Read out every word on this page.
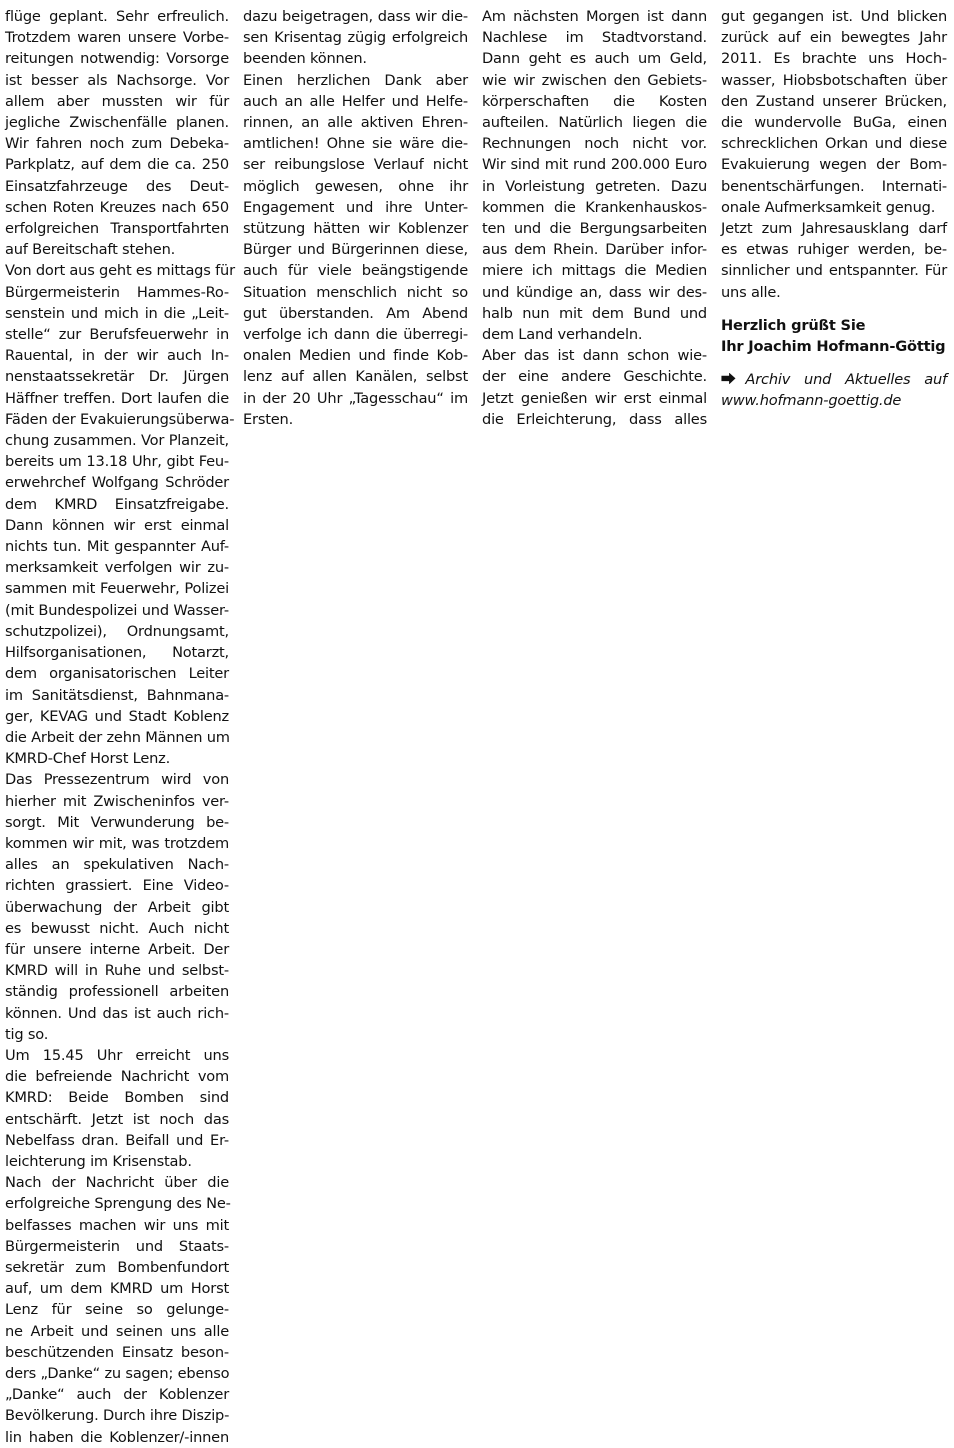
flüge geplant. Sehr erfreulich.
Trotzdem waren unsere Vorbe-
reitungen notwendig: Vorsorge
ist besser als Nachsorge. Vor
allem aber mussten wir für
jegliche Zwischenfälle planen.
Wir fahren noch zum Debeka-
Parkplatz, auf dem die ca. 250
Einsatzfahrzeuge des Deut-
schen Roten Kreuzes nach 650
erfolgreichen Transportfahrten
auf Bereitschaft stehen.
Von dort aus geht es mittags für
Bürgermeisterin Hammes-Ro-
senstein und mich in die „Leit-
stelle“ zur Berufsfeuerwehr in
Rauental, in der wir auch In-
nenstaatssekretär Dr. Jürgen
Häffner treffen. Dort laufen die
Fäden der Evakuierungsüberwa-
chung zusammen. Vor Planzeit,
bereits um 13.18 Uhr, gibt Feu-
erwehrchef Wolfgang Schröder
dem KMRD Einsatzfreigabe.
Dann können wir erst einmal
nichts tun. Mit gespannter Auf-
merksamkeit verfolgen wir zu-
sammen mit Feuerwehr, Polizei
(mit Bundespolizei und Wasser-
schutzpolizei), Ordnungsamt,
Hilfsorganisationen, Notarzt,
dem organisatorischen Leiter
im Sanitätsdienst, Bahnmana-
ger, KEVAG und Stadt Koblenz
die Arbeit der zehn Männen um
KMRD-Chef Horst Lenz.
Das Pressezentrum wird von
hierher mit Zwischeninfos ver-
sorgt. Mit Verwunderung be-
kommen wir mit, was trotzdem
alles an spekulativen Nach-
richten grassiert. Eine Video-
überwachung der Arbeit gibt
es bewusst nicht. Auch nicht
für unsere interne Arbeit. Der
KMRD will in Ruhe und selbst-
ständig professionell arbeiten
können. Und das ist auch rich-
tig so.
Um 15.45 Uhr erreicht uns
die befreiende Nachricht vom
KMRD: Beide Bomben sind
entschärft. Jetzt ist noch das
Nebelfass dran. Beifall und Er-
leichterung im Krisenstab.
Nach der Nachricht über die
erfolgreiche Sprengung des Ne-
belfasses machen wir uns mit
Bürgermeisterin und Staats-
sekretär zum Bombenfundort
auf, um dem KMRD um Horst
Lenz für seine so gelunge-
ne Arbeit und seinen uns alle
beschützenden Einsatz beson-
ders „Danke“ zu sagen; ebenso
„Danke“ auch der Koblenzer
Bevölkerung. Durch ihre Diszip-
lin haben die Koblenzer/-innen
dazu beigetragen, dass wir die-
sen Krisentag zügig erfolgreich
beenden können.
Einen herzlichen Dank aber
auch an alle Helfer und Helfe-
rinnen, an alle aktiven Ehren-
amtlichen! Ohne sie wäre die-
ser reibungslose Verlauf nicht
möglich gewesen, ohne ihr
Engagement und ihre Unter-
stützung hätten wir Koblenzer
Bürger und Bürgerinnen diese,
auch für viele beängstigende
Situation menschlich nicht so
gut überstanden. Am Abend
verfolge ich dann die überregi-
onalen Medien und finde Kob-
lenz auf allen Kanälen, selbst
in der 20 Uhr „Tagesschau“ im
Ersten.
Am nächsten Morgen ist dann
Nachlese im Stadtvorstand.
Dann geht es auch um Geld,
wie wir zwischen den Gebiets-
körperschaften die Kosten
aufteilen. Natürlich liegen die
Rechnungen noch nicht vor.
Wir sind mit rund 200.000 Euro
in Vorleistung getreten. Dazu
kommen die Krankenhauskos-
ten und die Bergungsarbeiten
aus dem Rhein. Darüber infor-
miere ich mittags die Medien
und kündige an, dass wir des-
halb nun mit dem Bund und
dem Land verhandeln.
Aber das ist dann schon wie-
der eine andere Geschichte.
Jetzt genießen wir erst einmal
die Erleichterung, dass alles
gut gegangen ist. Und blicken
zurück auf ein bewegtes Jahr
2011. Es brachte uns Hoch-
wasser, Hiobsbotschaften über
den Zustand unserer Brücken,
die wundervolle BuGa, einen
schrecklichen Orkan und diese
Evakuierung wegen der Bom-
benentschärfungen. Internati-
onale Aufmerksamkeit genug.
Jetzt zum Jahresausklang darf
es etwas ruhiger werden, be-
sinnlicher und entspannter. Für
uns alle.
Herzlich grüßt Sie
Ihr Joachim Hofmann-Göttig
⮕ Archiv und Aktuelles auf
www.hofmann-goettig.de
